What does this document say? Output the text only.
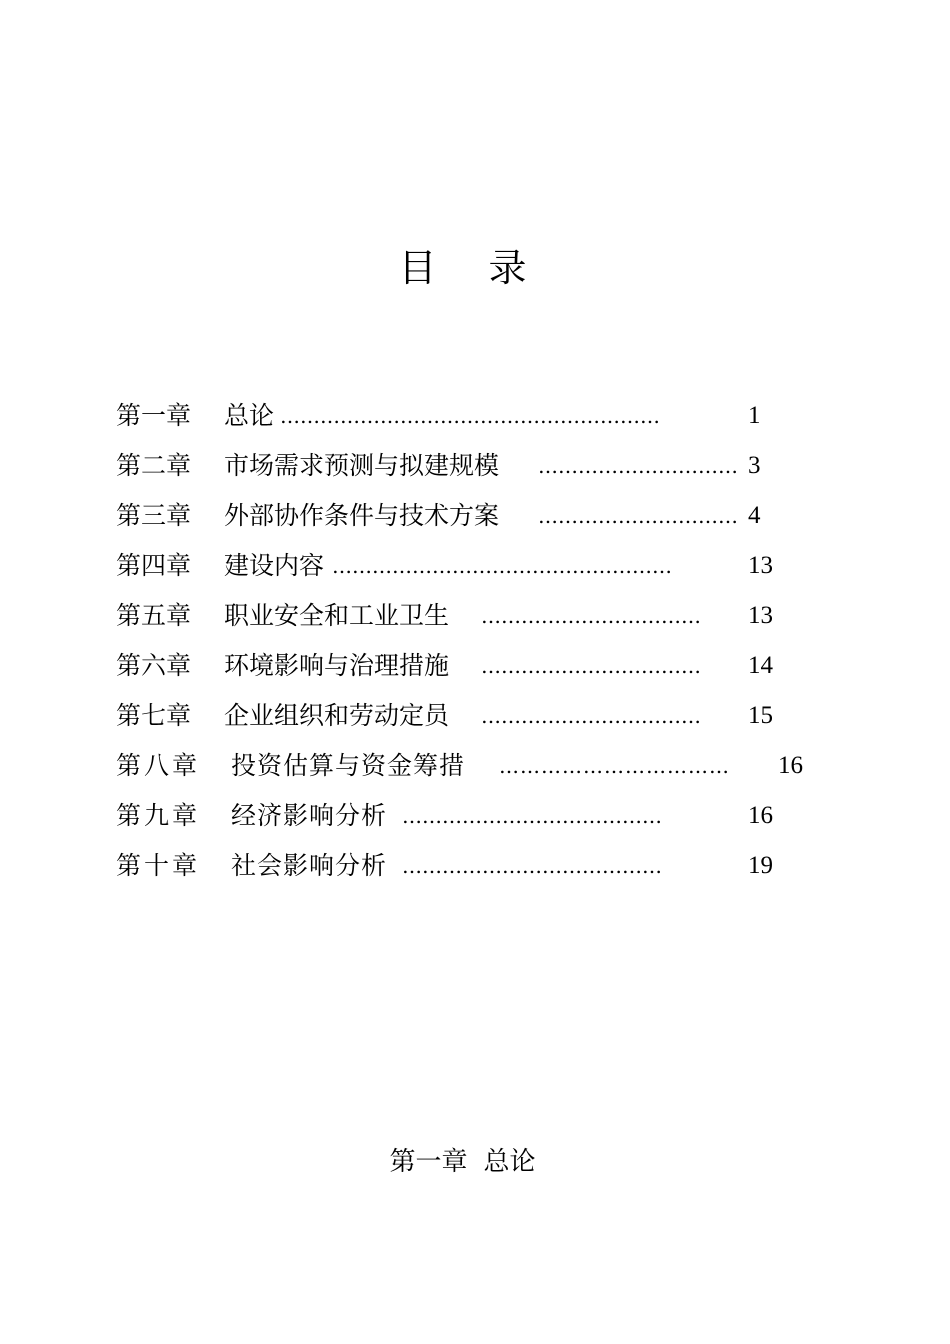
目 录
第一章 总论 …………………………………………………	1
第二章 市场需求预测与拟建规模 ………………………… 3
第三章 外部协作条件与技术方案 ………………………… 4
第四章 建设内容 ……………………………………………	13
第五章 职业安全和工业卫生 ……………………………	13
第六章 环境影响与治理措施 ……………………………	14
第七章 企业组织和劳动定员 ……………………………	15
第八章 投资估算与资金筹措 ……………………………	16
第九章 经济影响分析 …………………………………	16
第十章 社会影响分析 …………………………………	19
第一章 总论
